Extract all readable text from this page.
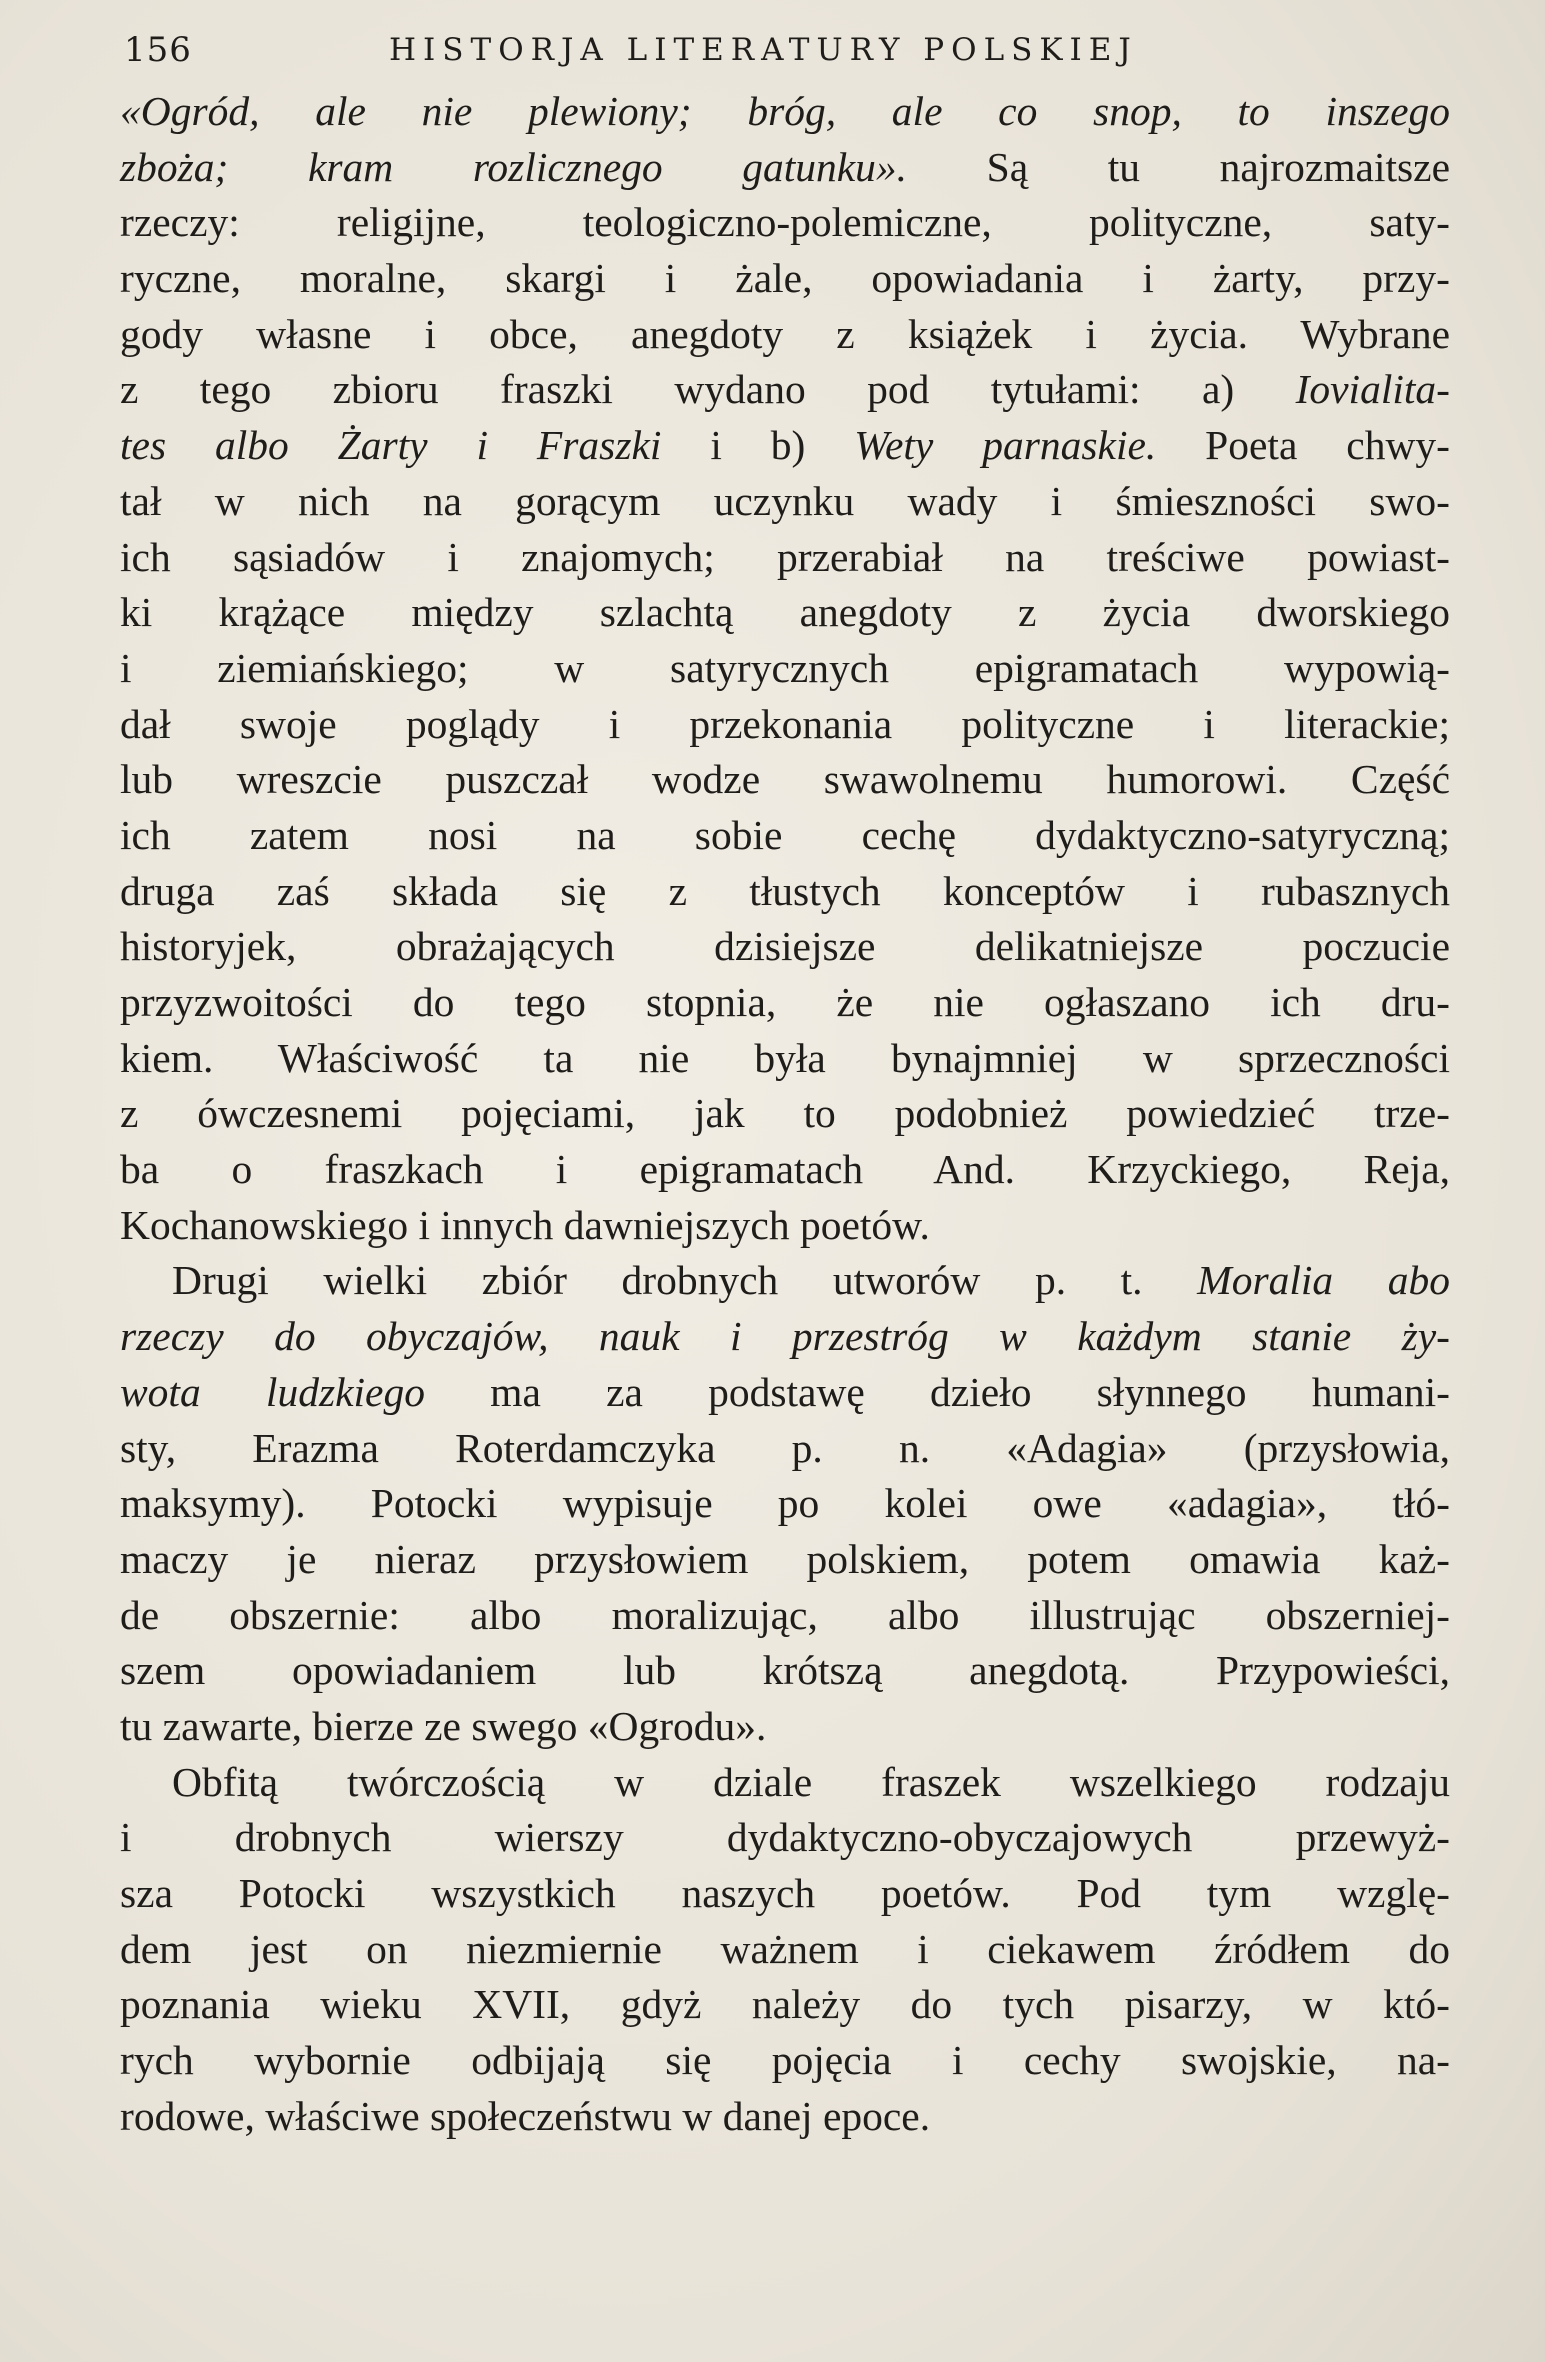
156	HISTORJA LITERATURY POLSKIEJ
«Ogród, ale nie plewiony; bróg, ale co snop, to inszego
zboża; kram rozlicznego gatunku». Są tu najrozmaitsze
rzeczy: religijne, teologiczno-polemiczne, polityczne, saty-
ryczne, moralne, skargi i żale, opowiadania i żarty, przy-
gody własne i obce, anegdoty z książek i życia. Wybrane
z tego zbioru fraszki wydano pod tytułami: a) Iovialita-
tes albo Żarty i Fraszki i b) Wety parnaskie. Poeta chwy-
tał w nich na gorącym uczynku wady i śmieszności swo-
ich sąsiadów i znajomych; przerabiał na treściwe powiast-
ki krążące między szlachtą anegdoty z życia dworskiego
i ziemiańskiego; w satyrycznych epigramatach wypowią-
dał swoje poglądy i przekonania polityczne i literackie;
lub wreszcie puszczał wodze swawolnemu humorowi. Część
ich zatem nosi na sobie cechę dydaktyczno-satyryczną;
druga zaś składa się z tłustych konceptów i rubasznych
historyjek, obrażających dzisiejsze delikatniejsze poczucie
przyzwoitości do tego stopnia, że nie ogłaszano ich dru-
kiem. Właściwość ta nie była bynajmniej w sprzeczności
z ówczesnemi pojęciami, jak to podobnież powiedzieć trze-
ba o fraszkach i epigramatach And. Krzyckiego, Reja,
Kochanowskiego i innych dawniejszych poetów.
Drugi wielki zbiór drobnych utworów p. t. Moralia abo
rzeczy do obyczajów, nauk i przestróg w każdym stanie ży-
wota ludzkiego ma za podstawę dzieło słynnego humani-
sty, Erazma Roterdamczyka p. n. «Adagia» (przysłowia,
maksymy). Potocki wypisuje po kolei owe «adagia», tłó-
maczy je nieraz przysłowiem polskiem, potem omawia każ-
de obszernie: albo moralizując, albo illustrując obszerniej-
szem opowiadaniem lub krótszą anegdotą. Przypowieści,
tu zawarte, bierze ze swego «Ogrodu».
Obfitą twórczością w dziale fraszek wszelkiego rodzaju
i drobnych wierszy dydaktyczno-obyczajowych przewyż-
sza Potocki wszystkich naszych poetów. Pod tym wzglę-
dem jest on niezmiernie ważnem i ciekawem źródłem do
poznania wieku XVII, gdyż należy do tych pisarzy, w któ-
rych wybornie odbijają się pojęcia i cechy swojskie, na-
rodowe, właściwe społeczeństwu w danej epoce.
